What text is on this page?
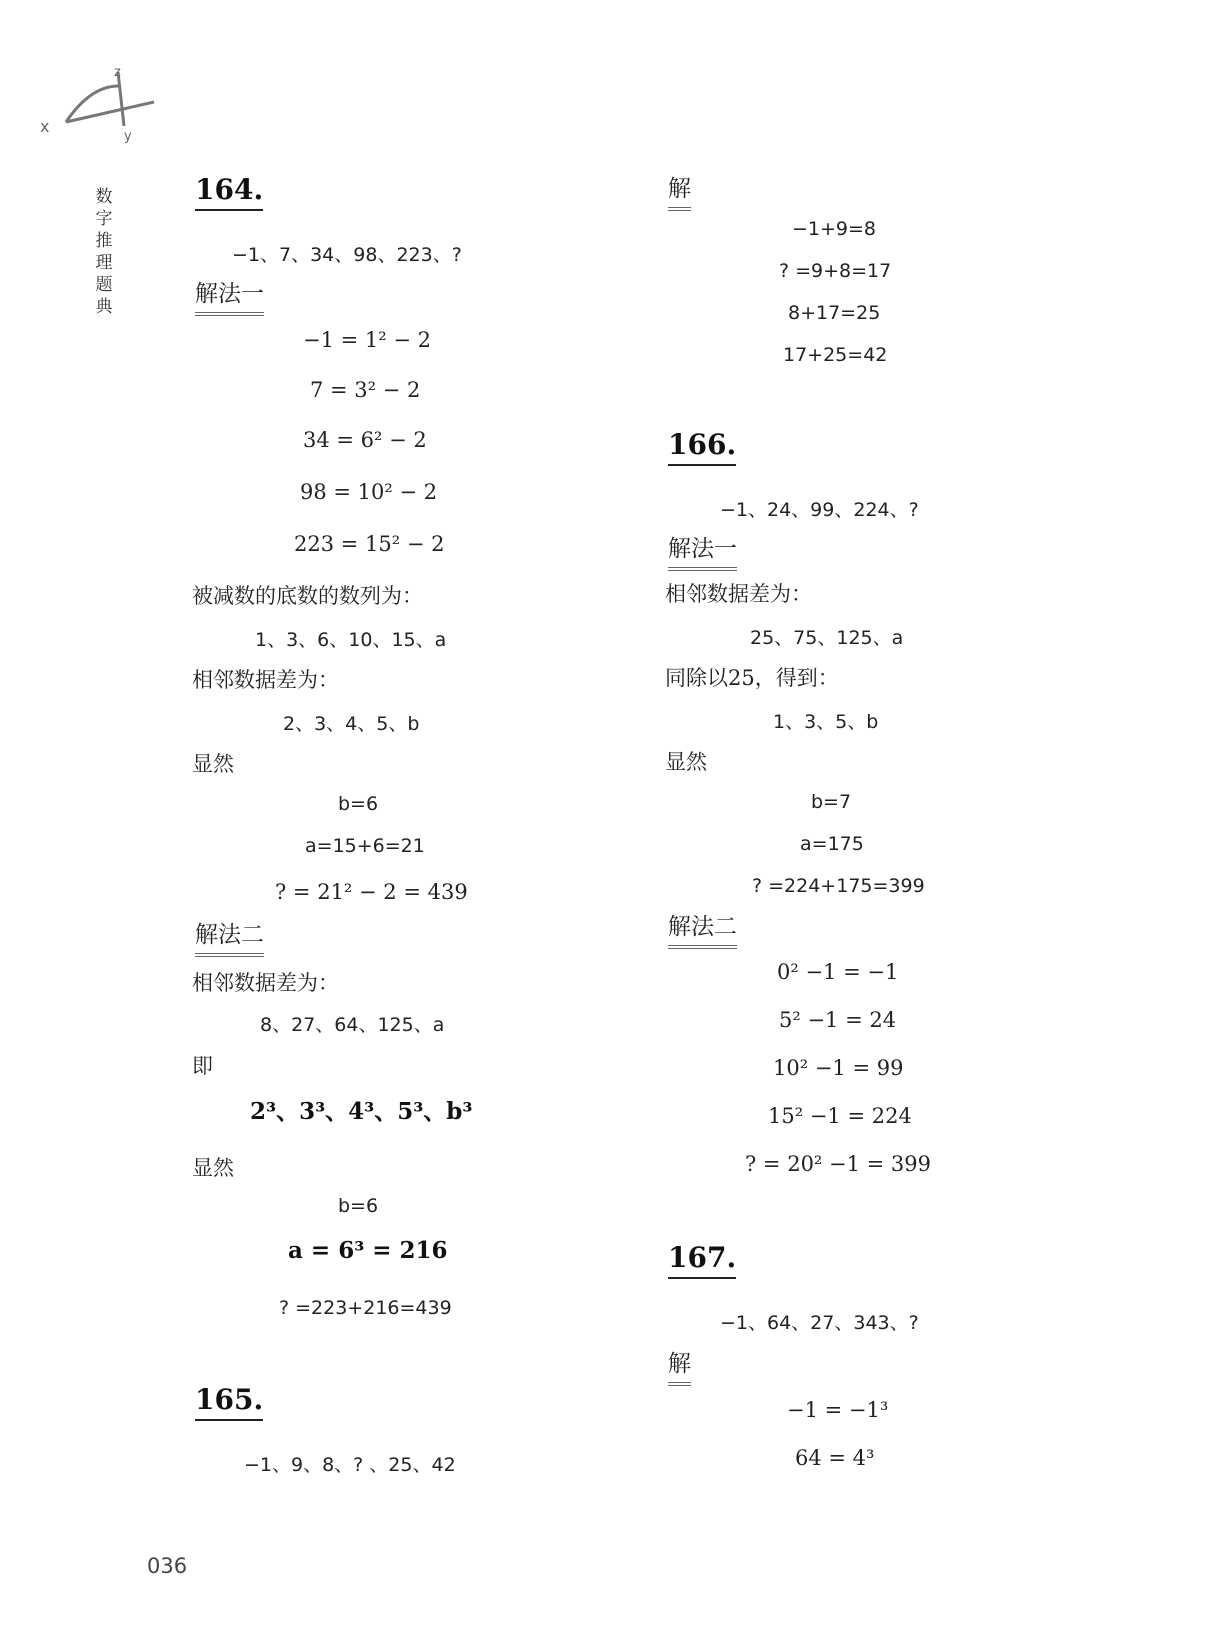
x
z
y
数字推理题典
164.
−1、7、34、98、223、?
解法一
−1 = 1² − 2
7 = 3² − 2
34 = 6² − 2
98 = 10² − 2
223 = 15² − 2
被减数的底数的数列为：
1、3、6、10、15、a
相邻数据差为：
2、3、4、5、b
显然
b=6
a=15+6=21
? = 21² − 2 = 439
解法二
相邻数据差为：
8、27、64、125、a
即
2³、3³、4³、5³、b³
显然
b=6
a = 6³ = 216
? =223+216=439
165.
−1、9、8、? 、25、42
解
−1+9=8
? =9+8=17
8+17=25
17+25=42
166.
−1、24、99、224、?
解法一
相邻数据差为：
25、75、125、a
同除以25，得到：
1、3、5、b
显然
b=7
a=175
? =224+175=399
解法二
0² −1 = −1
5² −1 = 24
10² −1 = 99
15² −1 = 224
? = 20² −1 = 399
167.
−1、64、27、343、?
解
−1 = −1³
64 = 4³
036
